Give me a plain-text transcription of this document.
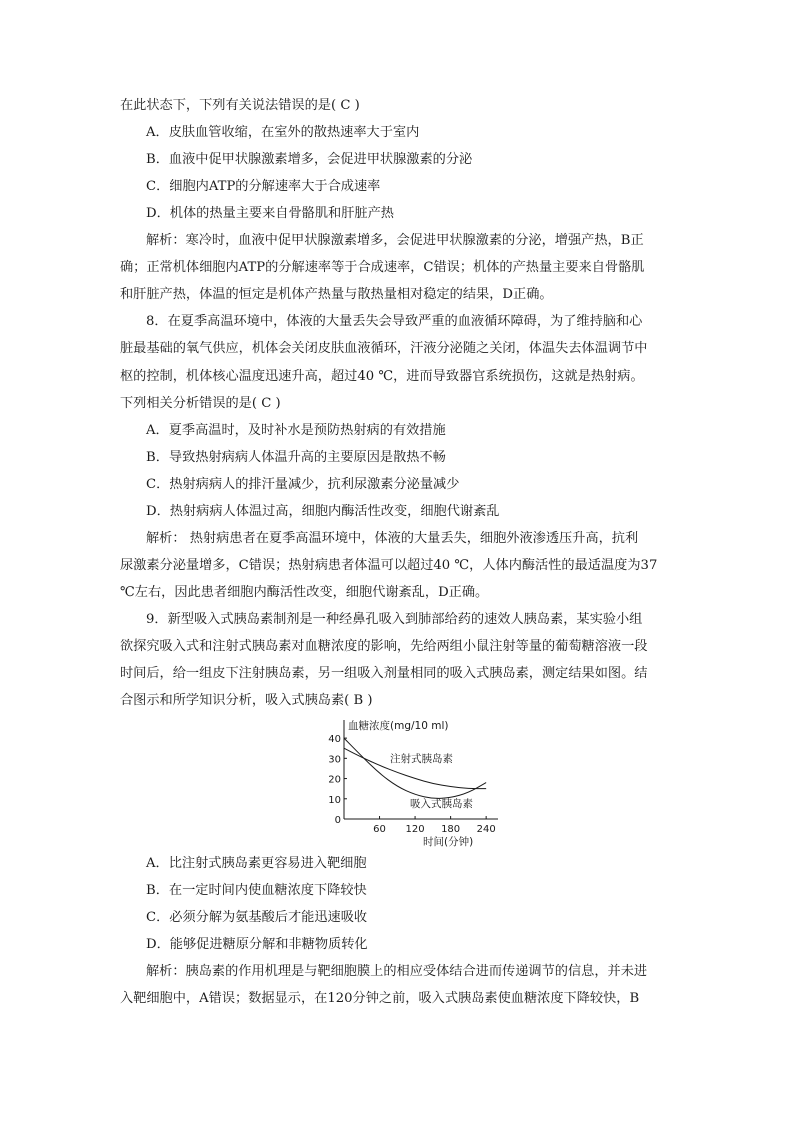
在此状态下，下列有关说法错误的是( C )
A．皮肤血管收缩，在室外的散热速率大于室内
B．血液中促甲状腺激素增多，会促进甲状腺激素的分泌
C．细胞内ATP的分解速率大于合成速率
D．机体的热量主要来自骨骼肌和肝脏产热
解析：寒冷时，血液中促甲状腺激素增多，会促进甲状腺激素的分泌，增强产热，B正
确；正常机体细胞内ATP的分解速率等于合成速率，C错误；机体的产热量主要来自骨骼肌
和肝脏产热，体温的恒定是机体产热量与散热量相对稳定的结果，D正确。
8．在夏季高温环境中，体液的大量丢失会导致严重的血液循环障碍，为了维持脑和心
脏最基础的氧气供应，机体会关闭皮肤血液循环，汗液分泌随之关闭，体温失去体温调节中
枢的控制，机体核心温度迅速升高，超过40 ℃，进而导致器官系统损伤，这就是热射病。
下列相关分析错误的是( C )
A．夏季高温时，及时补水是预防热射病的有效措施
B．导致热射病病人体温升高的主要原因是散热不畅
C．热射病病人的排汗量减少，抗利尿激素分泌量减少
D．热射病病人体温过高，细胞内酶活性改变，细胞代谢紊乱
解析： 热射病患者在夏季高温环境中，体液的大量丢失，细胞外液渗透压升高，抗利
尿激素分泌量增多，C错误；热射病患者体温可以超过40 ℃，人体内酶活性的最适温度为37
℃左右，因此患者细胞内酶活性改变，细胞代谢紊乱，D正确。
9．新型吸入式胰岛素制剂是一种经鼻孔吸入到肺部给药的速效人胰岛素，某实验小组
欲探究吸入式和注射式胰岛素对血糖浓度的影响，先给两组小鼠注射等量的葡萄糖溶液一段
时间后，给一组皮下注射胰岛素，另一组吸入剂量相同的吸入式胰岛素，测定结果如图。结
合图示和所学知识分析，吸入式胰岛素( B )
A．比注射式胰岛素更容易进入靶细胞
B．在一定时间内使血糖浓度下降较快
C．必须分解为氨基酸后才能迅速吸收
D．能够促进糖原分解和非糖物质转化
解析：胰岛素的作用机理是与靶细胞膜上的相应受体结合进而传递调节的信息，并未进
入靶细胞中，A错误；数据显示，在120分钟之前，吸入式胰岛素使血糖浓度下降较快，B
10
20
30
40
60 120 180 240
0
注射式胰岛素
吸入式胰岛素
血糖浓度(mg/10 ml)
时间(分钟)
